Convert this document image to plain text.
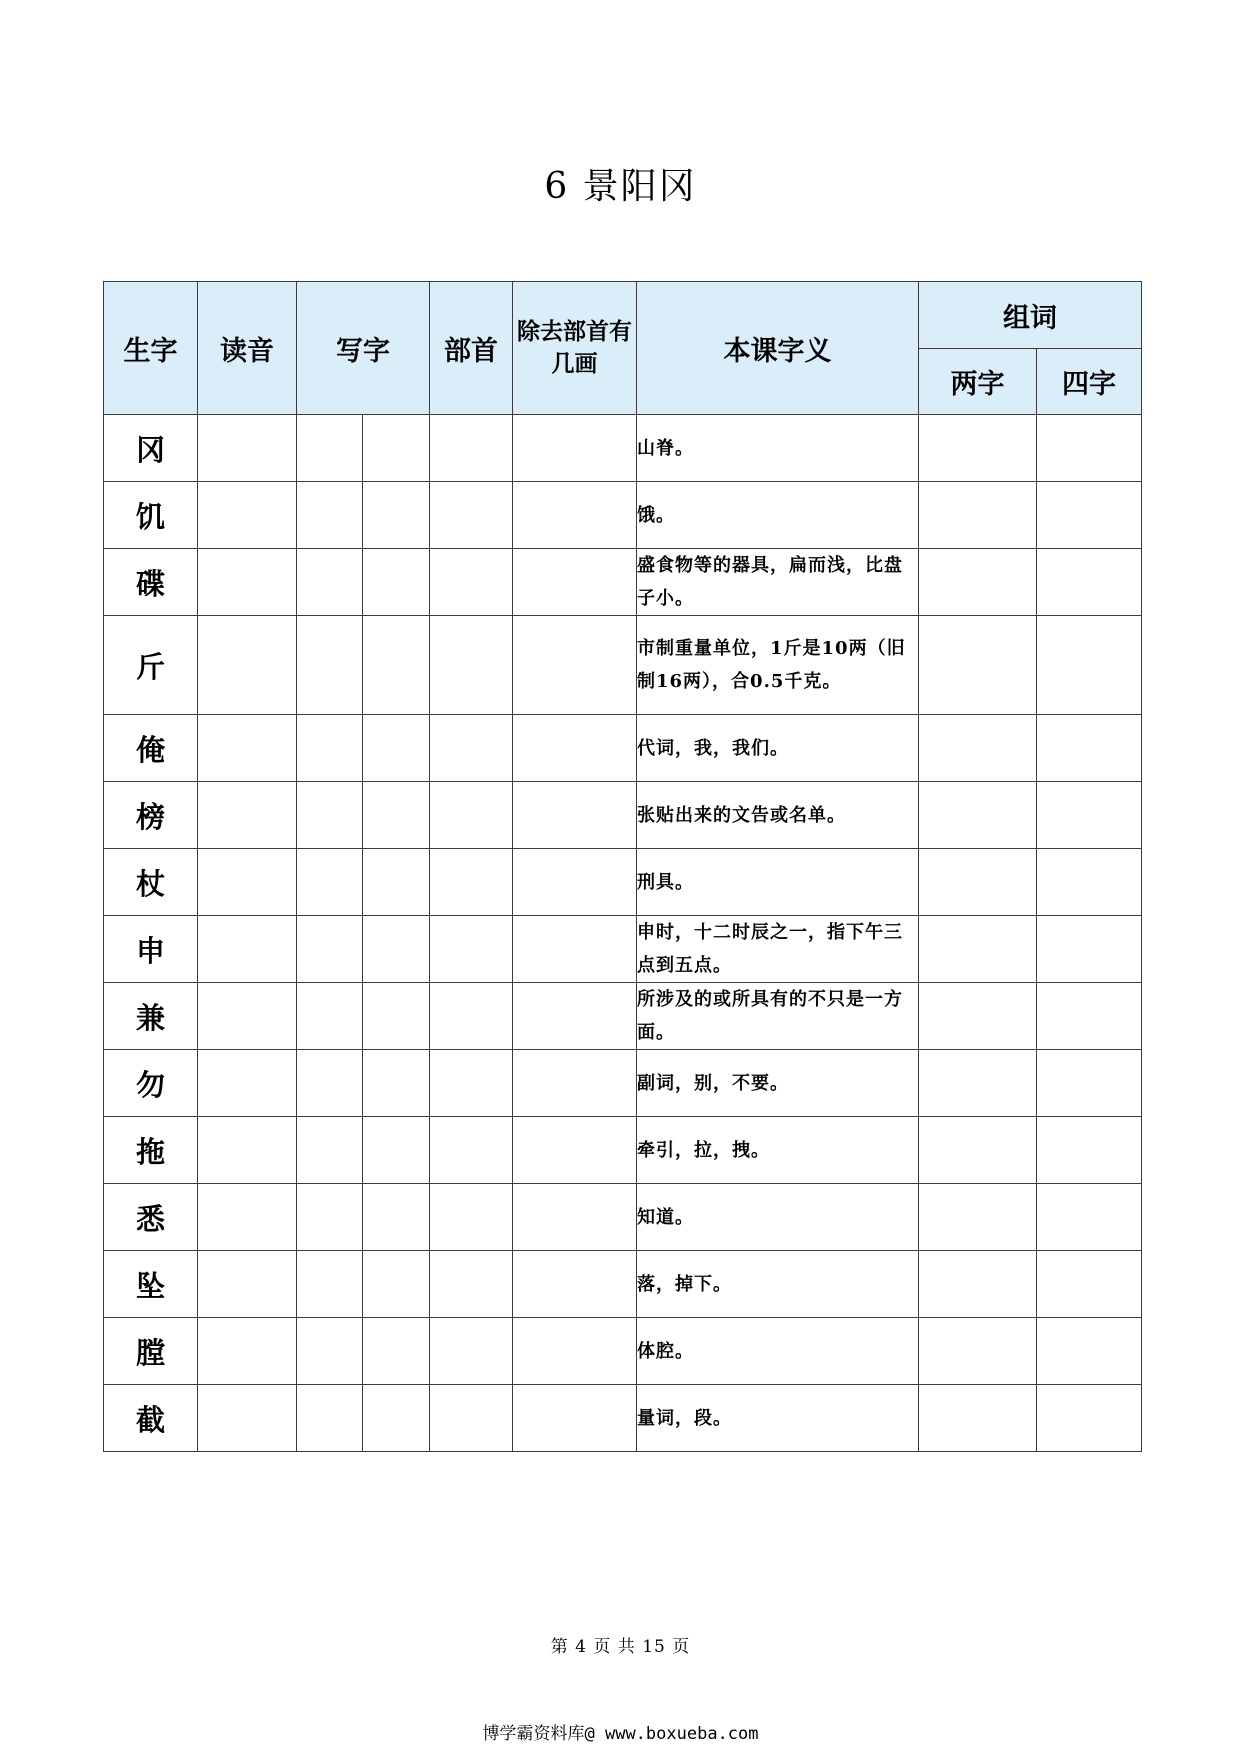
6 景阳冈
生字	读音	写字		部首	除去部首有几画	本课字义	组词	
							两字	四字
冈						山脊。		
饥						饿。		
碟						盛食物等的器具，扁而浅，比盘子小。		
斤						市制重量单位，1斤是10两（旧制16两），合0.5千克。		
俺						代词，我，我们。		
榜						张贴出来的文告或名单。		
杖						刑具。		
申						申时，十二时辰之一，指下午三点到五点。		
兼						所涉及的或所具有的不只是一方面。		
勿						副词，别，不要。		
拖						牵引，拉，拽。		
悉						知道。		
坠						落，掉下。		
膛						体腔。		
截						量词，段。		
第 4 页 共 15 页
博学霸资料库@ www.boxueba.com
